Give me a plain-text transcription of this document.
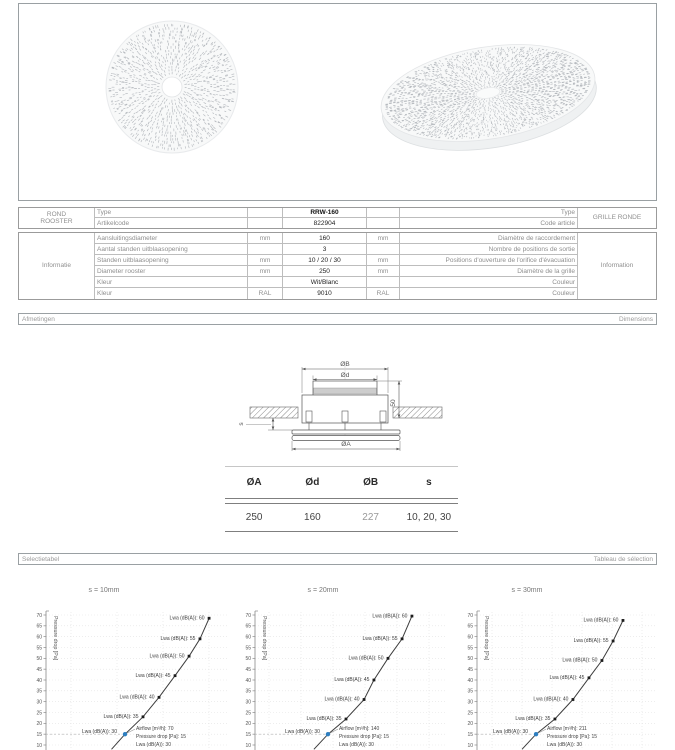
ROND
ROOSTER
Type	RRW-160	Type
Artikelcode	822904	Code article
GRILLE RONDE
Informatie
Aansluitingsdiameter	mm	160	mm	Diamètre de raccordement
Aantal standen uitblaasopening	3	Nombre de positions de sortie
Standen uitblaasopening	mm	10 / 20 / 30	mm	Positions d'ouverture de l'orifice d'évacuation
Diameter rooster	mm	250	mm	Diamètre de la grille
Kleur	Wit/Blanc	Couleur
Kleur	RAL	9010	RAL	Couleur
Information
Afmetingen	Dimensions
ØB
Ød
50
s
ØA
ØA	Ød	ØB	s
250	160	227	10, 20, 30
Selectietabel	Tableau de sélection
s = 10mm
70
65
60
55
50
45
40
35
30
25
20
15
10
Pressure drop [Pa]
Lwa (dB(A)): 30
Lwa (dB(A)): 35
Lwa (dB(A)): 40
Lwa (dB(A)): 45
Lwa (dB(A)): 50
Lwa (dB(A)): 55
Lwa (dB(A)): 60
Airflow [m³/h]: 70
Pressure drop [Pa]: 15
Lwa (dB(A)): 30
s = 20mm
70
65
60
55
50
45
40
35
30
25
20
15
10
Pressure drop [Pa]
Lwa (dB(A)): 30
Lwa (dB(A)): 35
Lwa (dB(A)): 40
Lwa (dB(A)): 45
Lwa (dB(A)): 50
Lwa (dB(A)): 55
Lwa (dB(A)): 60
Airflow [m³/h]: 140
Pressure drop [Pa]: 15
Lwa (dB(A)): 30
s = 30mm
70
65
60
55
50
45
40
35
30
25
20
15
10
Pressure drop [Pa]
Lwa (dB(A)): 30
Lwa (dB(A)): 35
Lwa (dB(A)): 40
Lwa (dB(A)): 45
Lwa (dB(A)): 50
Lwa (dB(A)): 55
Lwa (dB(A)): 60
Airflow [m³/h]: 211
Pressure drop [Pa]: 15
Lwa (dB(A)): 30
